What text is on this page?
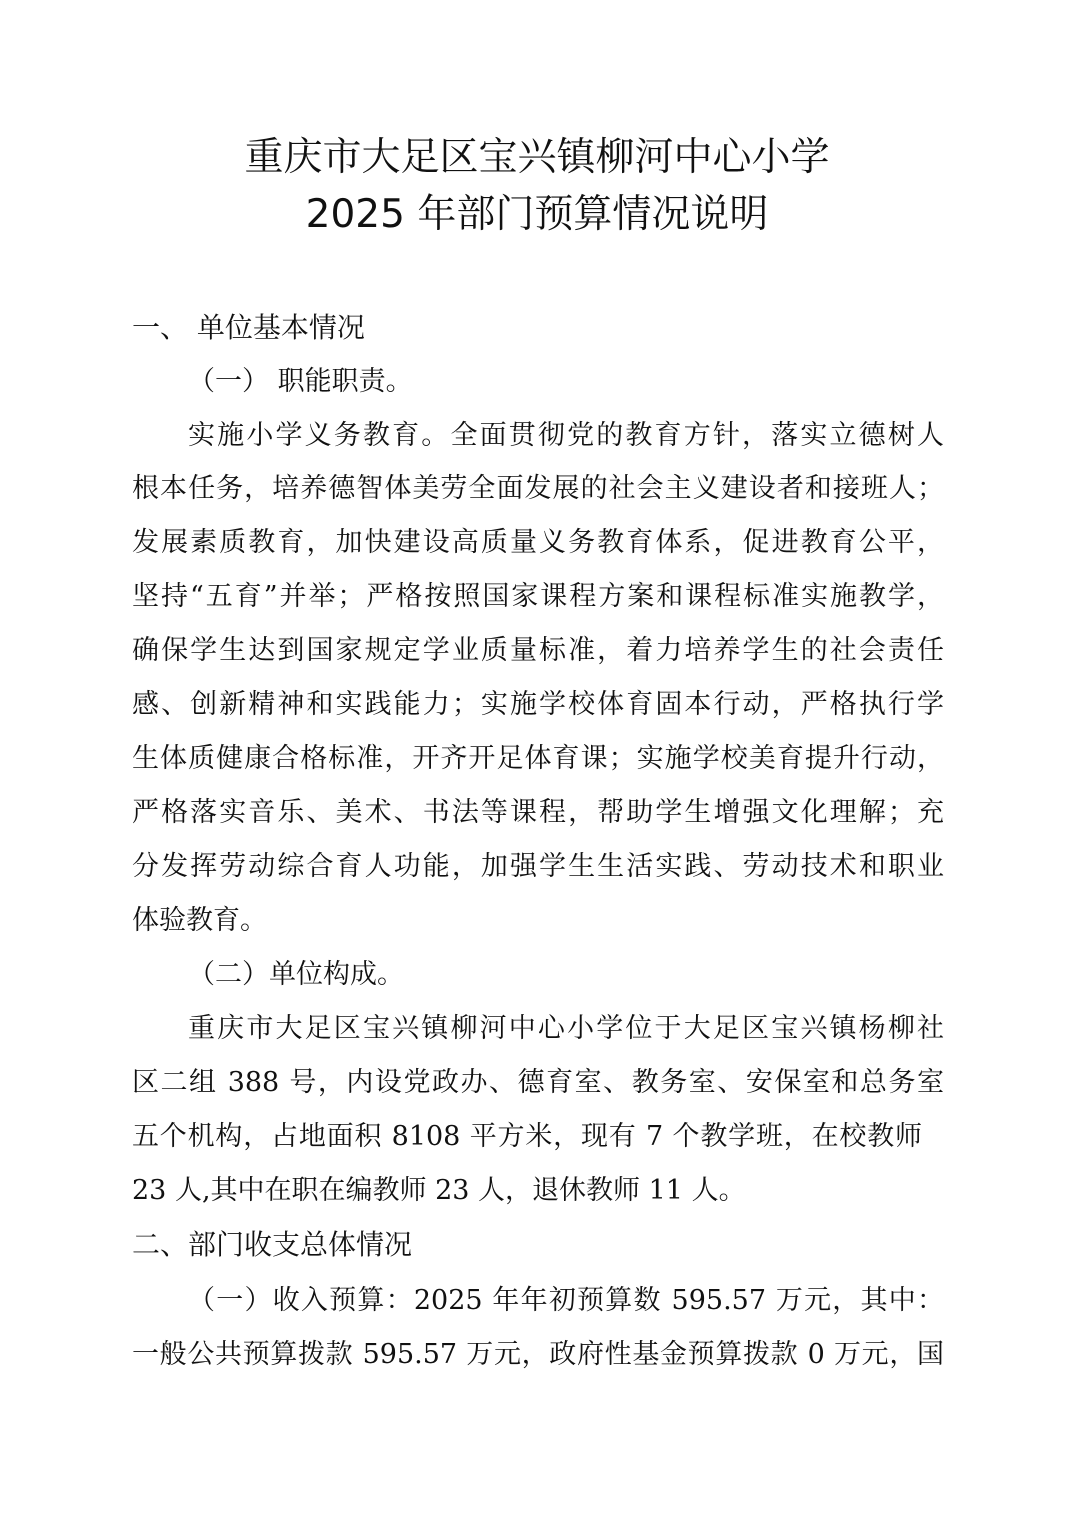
重庆市大足区宝兴镇柳河中心小学
2025 年部门预算情况说明
一、 单位基本情况
（一） 职能职责。
实施小学义务教育。全面贯彻党的教育方针，落实立德树人
根本任务，培养德智体美劳全面发展的社会主义建设者和接班人；
发展素质教育，加快建设高质量义务教育体系，促进教育公平，
坚持“五育”并举；严格按照国家课程方案和课程标准实施教学，
确保学生达到国家规定学业质量标准，着力培养学生的社会责任
感、创新精神和实践能力；实施学校体育固本行动，严格执行学
生体质健康合格标准，开齐开足体育课；实施学校美育提升行动，
严格落实音乐、美术、书法等课程，帮助学生增强文化理解；充
分发挥劳动综合育人功能，加强学生生活实践、劳动技术和职业
体验教育。
（二）单位构成。
重庆市大足区宝兴镇柳河中心小学位于大足区宝兴镇杨柳社
区二组 388 号，内设党政办、德育室、教务室、安保室和总务室
五个机构，占地面积 8108 平方米，现有 7 个教学班，在校教师
23 人,其中在职在编教师 23 人，退休教师 11 人。
二、部门收支总体情况
（一）收入预算：2025 年年初预算数 595.57 万元，其中：
一般公共预算拨款 595.57 万元，政府性基金预算拨款 0 万元，国
